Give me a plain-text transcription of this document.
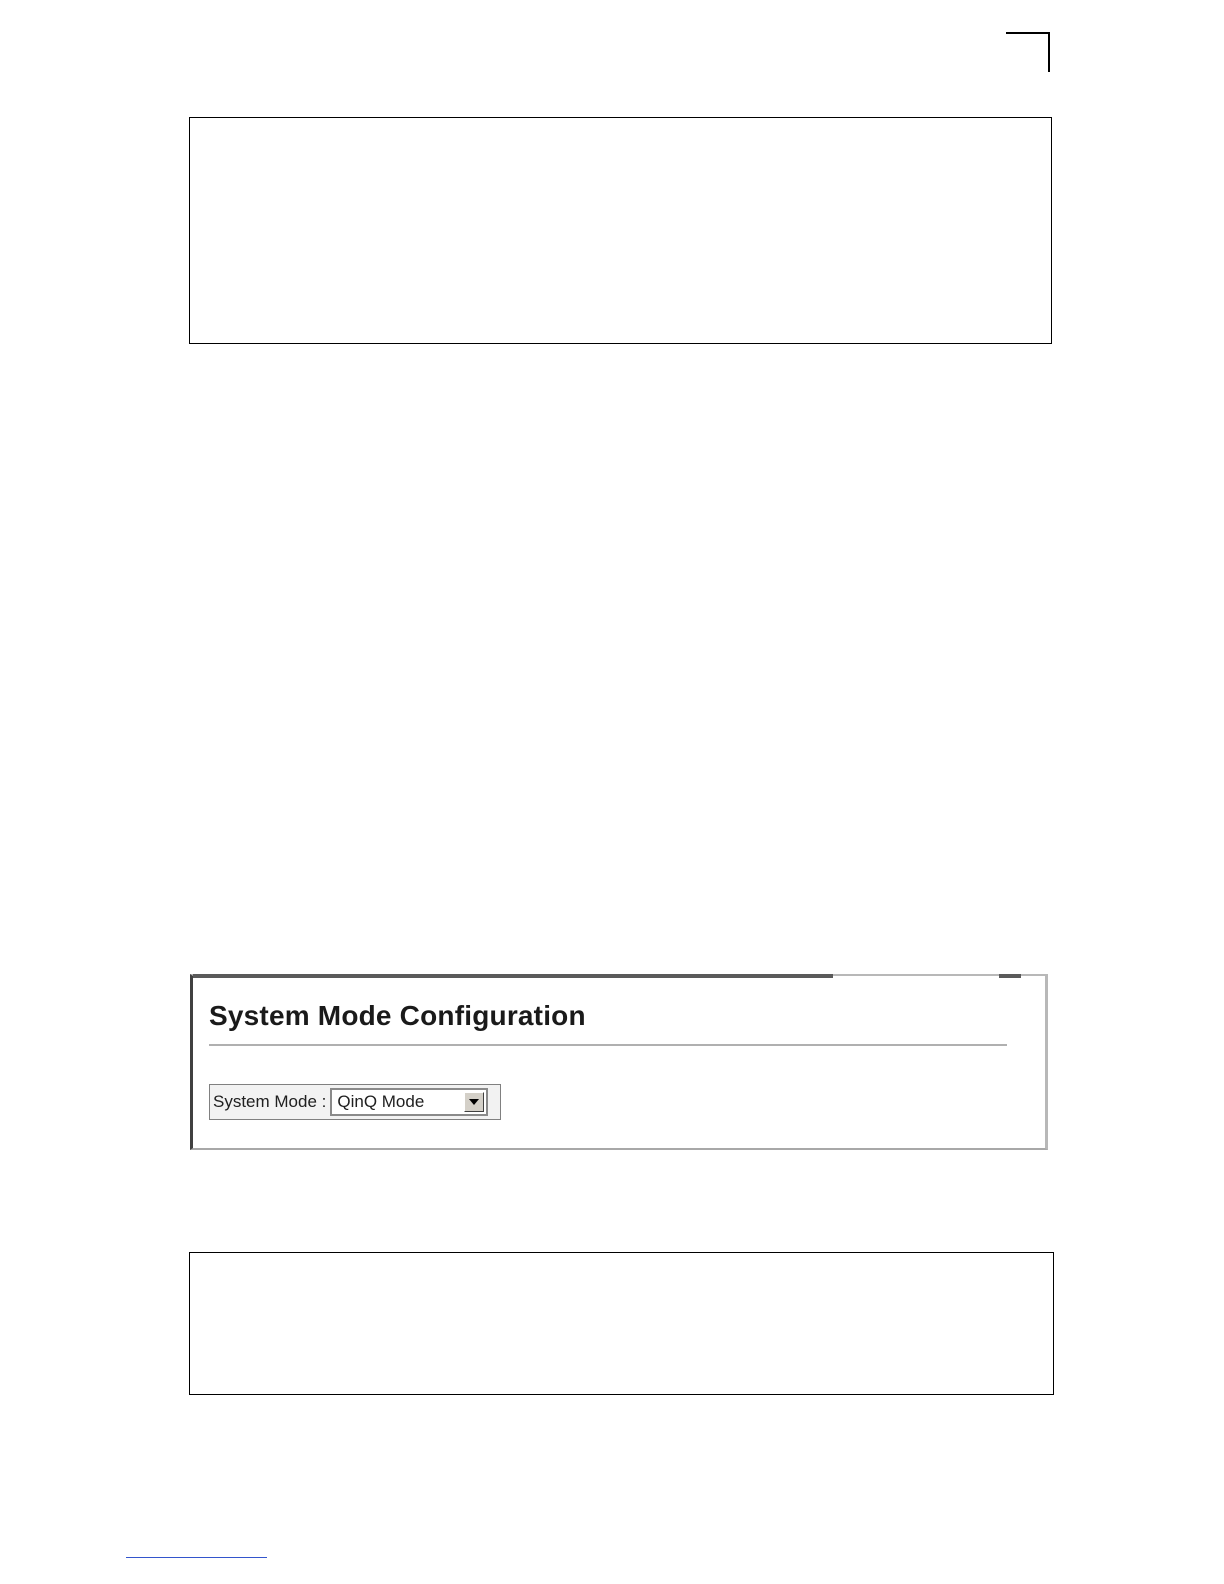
System Mode Configuration
System Mode : QinQ Mode
